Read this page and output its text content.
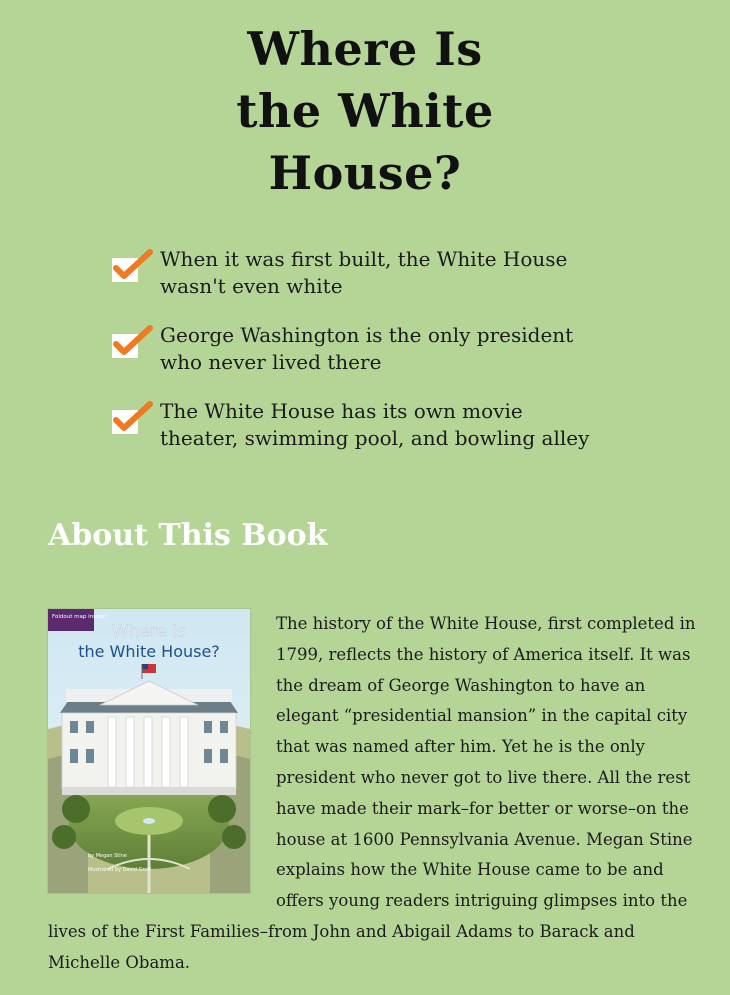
Where Is
the White
House?
When it was first built, the White House
wasn't even white
George Washington is the only president
who never lived there
The White House has its own movie
theater, swimming pool, and bowling alley
About This Book

The history of the White House, first completed in 1799, reflects the history of America itself. It was the dream of George Washington to have an elegant “presidential mansion” in the capital city that was named after him. Yet he is the only president who never got to live there. All the rest have made their mark–for better or worse–on the house at 1600 Pennsylvania Avenue. Megan Stine explains how the White House came to be and offers young readers intriguing glimpses into the lives of the First Families–from John and Abigail Adams to Barack and Michelle Obama.

Foldout map inside!
Where Is
the White House?
by Megan Stine
illustrated by David Groff
